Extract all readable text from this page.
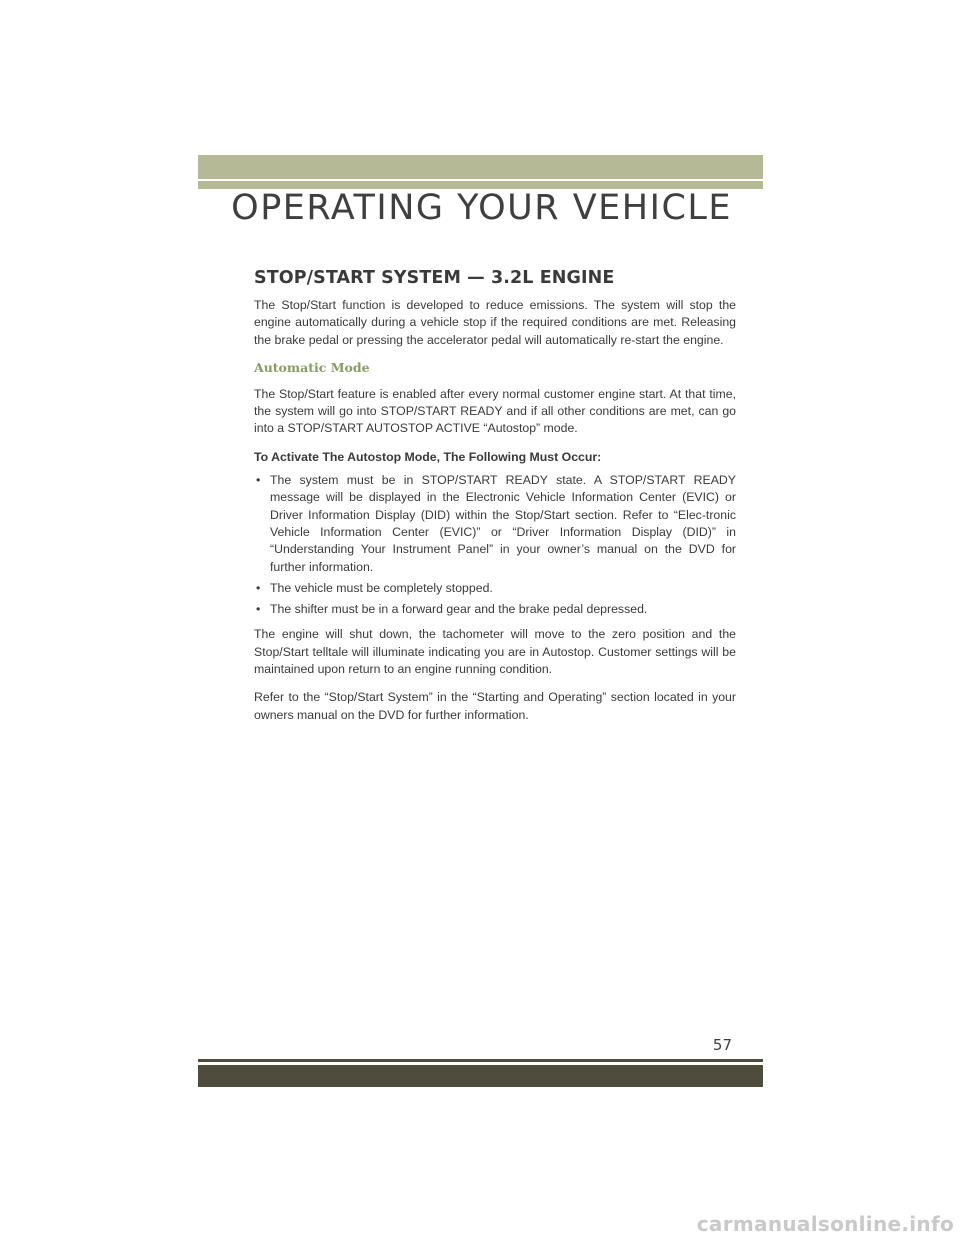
OPERATING YOUR VEHICLE
STOP/START SYSTEM — 3.2L ENGINE

The Stop/Start function is developed to reduce emissions. The system will stop the engine automatically during a vehicle stop if the required conditions are met. Releasing the brake pedal or pressing the accelerator pedal will automatically re-start the engine.

Automatic Mode

The Stop/Start feature is enabled after every normal customer engine start. At that time, the system will go into STOP/START READY and if all other conditions are met, can go into a STOP/START AUTOSTOP ACTIVE “Autostop” mode.

To Activate The Autostop Mode, The Following Must Occur:
• The system must be in STOP/START READY state. A STOP/START READY message will be displayed in the Electronic Vehicle Information Center (EVIC) or Driver Information Display (DID) within the Stop/Start section. Refer to “Elec-tronic Vehicle Information Center (EVIC)” or “Driver Information Display (DID)” in “Understanding Your Instrument Panel” in your owner’s manual on the DVD for further information.
• The vehicle must be completely stopped.
• The shifter must be in a forward gear and the brake pedal depressed.

The engine will shut down, the tachometer will move to the zero position and the Stop/Start telltale will illuminate indicating you are in Autostop. Customer settings will be maintained upon return to an engine running condition.

Refer to the “Stop/Start System” in the “Starting and Operating” section located in your owners manual on the DVD for further information.

57
carmanualsonline.info
